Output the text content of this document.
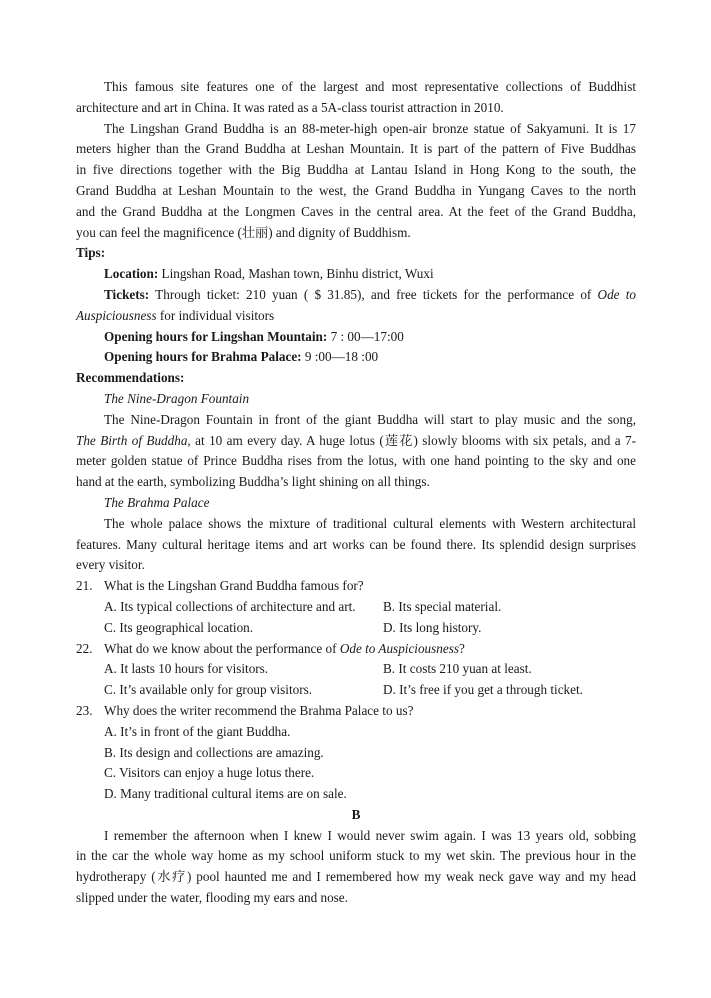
This famous site features one of the largest and most representative collections of Buddhist
architecture and art in China. It was rated as a 5A-class tourist attraction in 2010.
The Lingshan Grand Buddha is an 88-meter-high open-air bronze statue of Sakyamuni. It is 17
meters higher than the Grand Buddha at Leshan Mountain. It is part of the pattern of Five Buddhas
in five directions together with the Big Buddha at Lantau Island in Hong Kong to the south, the
Grand Buddha at Leshan Mountain to the west, the Grand Buddha in Yungang Caves to the north
and the Grand Buddha at the Longmen Caves in the central area. At the feet of the Grand Buddha,
you can feel the magnificence (壮丽) and dignity of Buddhism.
Tips:
Location: Lingshan Road, Mashan town, Binhu district, Wuxi
Tickets: Through ticket: 210 yuan ( $ 31.85), and free tickets for the performance of Ode to
Auspiciousness for individual visitors
Opening hours for Lingshan Mountain: 7 : 00—17:00
Opening hours for Brahma Palace: 9 :00—18 :00
Recommendations:
The Nine-Dragon Fountain
The Nine-Dragon Fountain in front of the giant Buddha will start to play music and the song,
The Birth of Buddha, at 10 am every day. A huge lotus (莲花) slowly blooms with six petals, and a 7-
meter golden statue of Prince Buddha rises from the lotus, with one hand pointing to the sky and one
hand at the earth, symbolizing Buddha’s light shining on all things.
The Brahma Palace
The whole palace shows the mixture of traditional cultural elements with Western architectural
features. Many cultural heritage items and art works can be found there. Its splendid design surprises
every visitor.
21. What is the Lingshan Grand Buddha famous for?
A. Its typical collections of architecture and art.	B. Its special material.
C. Its geographical location.	D. Its long history.
22. What do we know about the performance of Ode to Auspiciousness?
A. It lasts 10 hours for visitors.	B. It costs 210 yuan at least.
C. It’s available only for group visitors.	D. It’s free if you get a through ticket.
23. Why does the writer recommend the Brahma Palace to us?
A. It’s in front of the giant Buddha.
B. Its design and collections are amazing.
C. Visitors can enjoy a huge lotus there.
D. Many traditional cultural items are on sale.
B
I remember the afternoon when I knew I would never swim again. I was 13 years old, sobbing
in the car the whole way home as my school uniform stuck to my wet skin. The previous hour in the
hydrotherapy (水疗) pool haunted me and I remembered how my weak neck gave way and my head
slipped under the water, flooding my ears and nose.
